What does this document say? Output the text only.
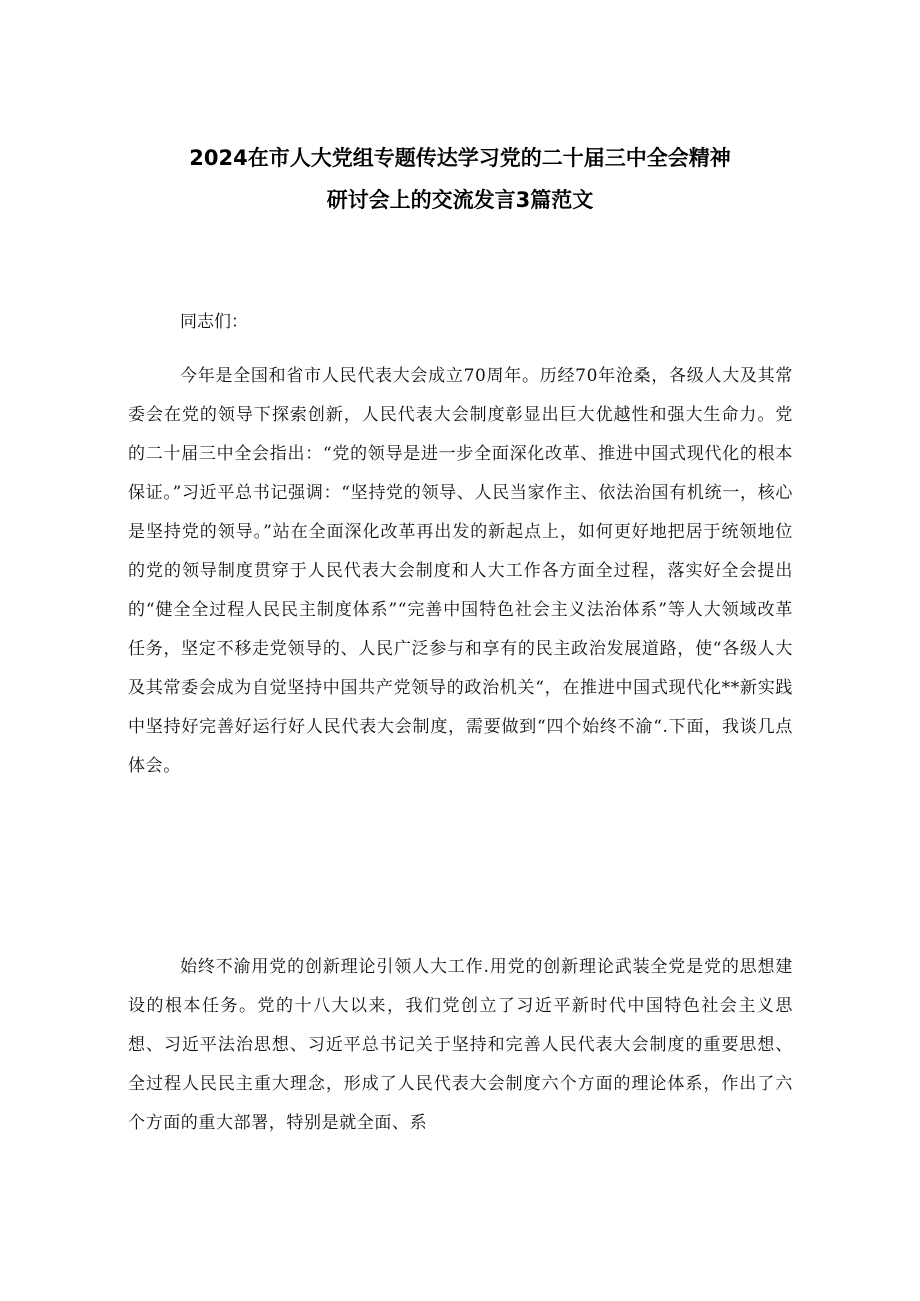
2024在市人大党组专题传达学习党的二十届三中全会精神
研讨会上的交流发言3篇范文
同志们：
今年是全国和省市人民代表大会成立70周年。历经70年沧桑，各级人大及其常委会在党的领导下探索创新，人民代表大会制度彰显出巨大优越性和强大生命力。党的二十届三中全会指出：“党的领导是进一步全面深化改革、推进中国式现代化的根本保证。”习近平总书记强调：“坚持党的领导、人民当家作主、依法治国有机统一，核心是坚持党的领导。”站在全面深化改革再出发的新起点上，如何更好地把居于统领地位的党的领导制度贯穿于人民代表大会制度和人大工作各方面全过程，落实好全会提出的“健全全过程人民民主制度体系”“完善中国特色社会主义法治体系”等人大领域改革任务，坚定不移走党领导的、人民广泛参与和享有的民主政治发展道路，使“各级人大及其常委会成为自觉坚持中国共产党领导的政治机关“，在推进中国式现代化**新实践中坚持好完善好运行好人民代表大会制度，需要做到“四个始终不渝“.下面，我谈几点体会。
始终不渝用党的创新理论引领人大工作.用党的创新理论武装全党是党的思想建设的根本任务。党的十八大以来，我们党创立了习近平新时代中国特色社会主义思想、习近平法治思想、习近平总书记关于坚持和完善人民代表大会制度的重要思想、全过程人民民主重大理念，形成了人民代表大会制度六个方面的理论体系，作出了六个方面的重大部署，特别是就全面、系
